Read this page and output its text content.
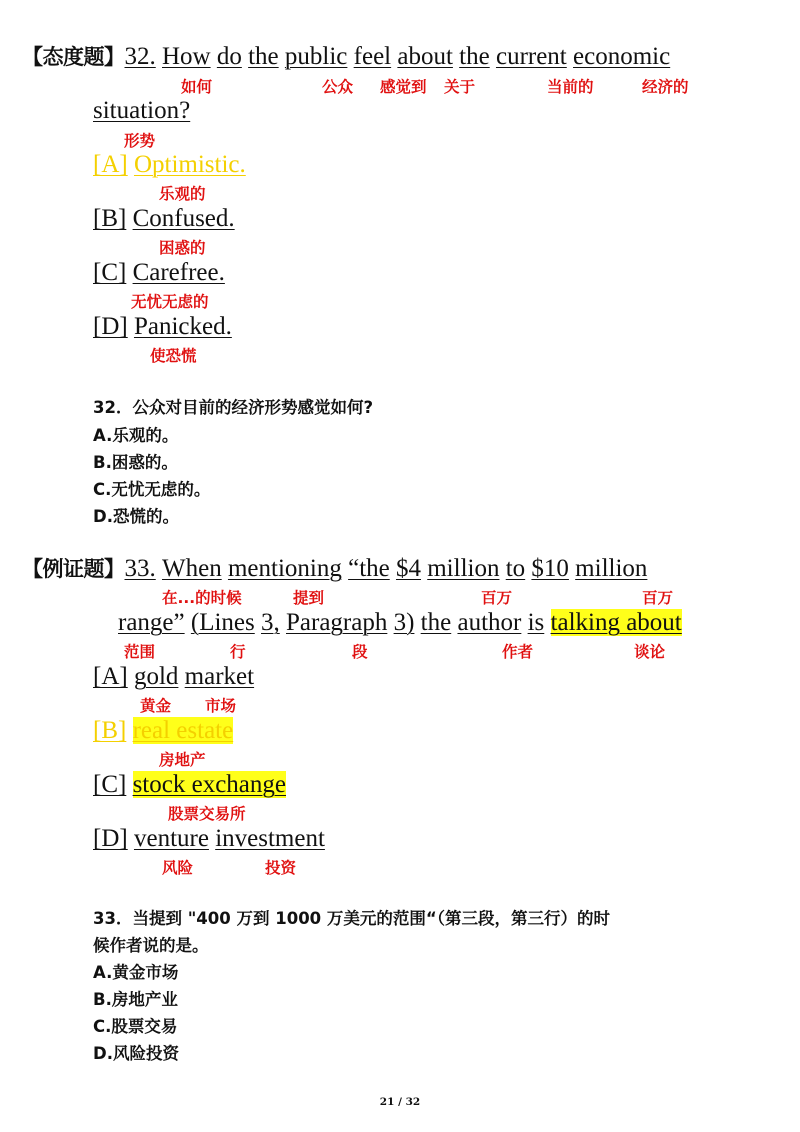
【态度题】32. How do the public feel about the current economic
如何	公众 感觉到 关于	当前的	经济的
situation?
形势
[A] Optimistic.
乐观的
[B] Confused.
困惑的
[C] Carefree.
无忧无虑的
[D] Panicked.
使恐慌
32．公众对目前的经济形势感觉如何?
A.乐观的。
B.困惑的。
C.无忧无虑的。
D.恐慌的。
【例证题】33. When mentioning “the $4 million to $10 million
在...的时候	提到	百万	百万
range” (Lines 3, Paragraph 3) the author is talking about
范围	行	段	作者	谈论
[A] gold market
黄金 市场
[B] real estate
房地产
[C] stock exchange
股票交易所
[D] venture investment
风险	投资
33．当提到 "400 万到 1000 万美元的范围“（第三段，第三行）的时
候作者说的是。
A.黄金市场
B.房地产业
C.股票交易
D.风险投资
21 / 32
